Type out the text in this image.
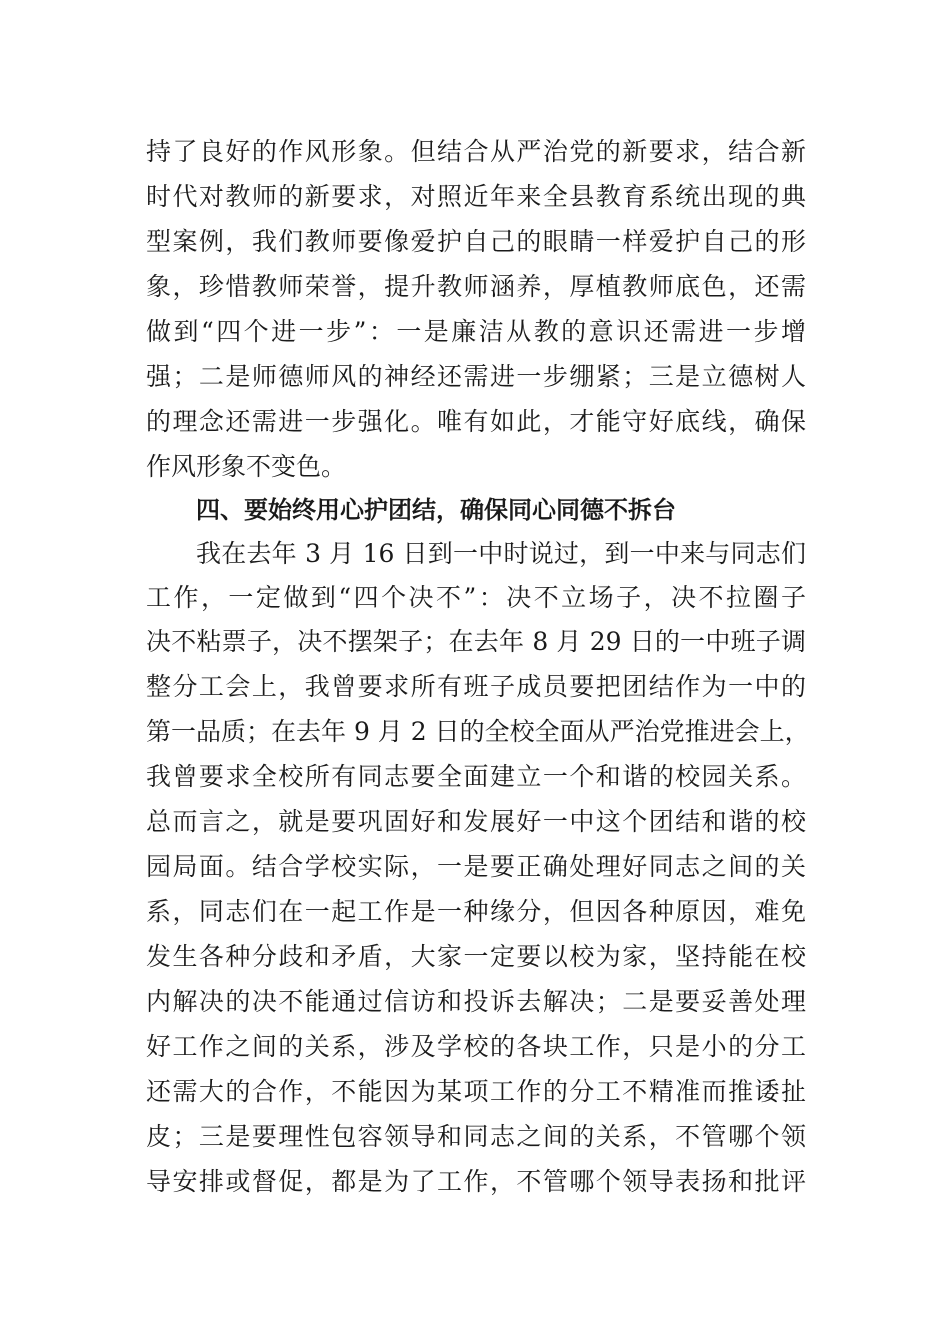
持了良好的作风形象。但结合从严治党的新要求，结合新
时代对教师的新要求，对照近年来全县教育系统出现的典
型案例，我们教师要像爱护自己的眼睛一样爱护自己的形
象，珍惜教师荣誉，提升教师涵养，厚植教师底色，还需
做到“四个进一步”：一是廉洁从教的意识还需进一步增
强；二是师德师风的神经还需进一步绷紧；三是立德树人
的理念还需进一步强化。唯有如此，才能守好底线，确保
作风形象不变色。
四、要始终用心护团结，确保同心同德不拆台
我在去年 3 月 16 日到一中时说过，到一中来与同志们
工作，一定做到“四个决不”：决不立场子，决不拉圈子
决不粘票子，决不摆架子；在去年 8 月 29 日的一中班子调
整分工会上，我曾要求所有班子成员要把团结作为一中的
第一品质；在去年 9 月 2 日的全校全面从严治党推进会上，
我曾要求全校所有同志要全面建立一个和谐的校园关系。
总而言之，就是要巩固好和发展好一中这个团结和谐的校
园局面。结合学校实际，一是要正确处理好同志之间的关
系，同志们在一起工作是一种缘分，但因各种原因，难免
发生各种分歧和矛盾，大家一定要以校为家，坚持能在校
内解决的决不能通过信访和投诉去解决；二是要妥善处理
好工作之间的关系，涉及学校的各块工作，只是小的分工
还需大的合作，不能因为某项工作的分工不精准而推诿扯
皮；三是要理性包容领导和同志之间的关系，不管哪个领
导安排或督促，都是为了工作，不管哪个领导表扬和批评
